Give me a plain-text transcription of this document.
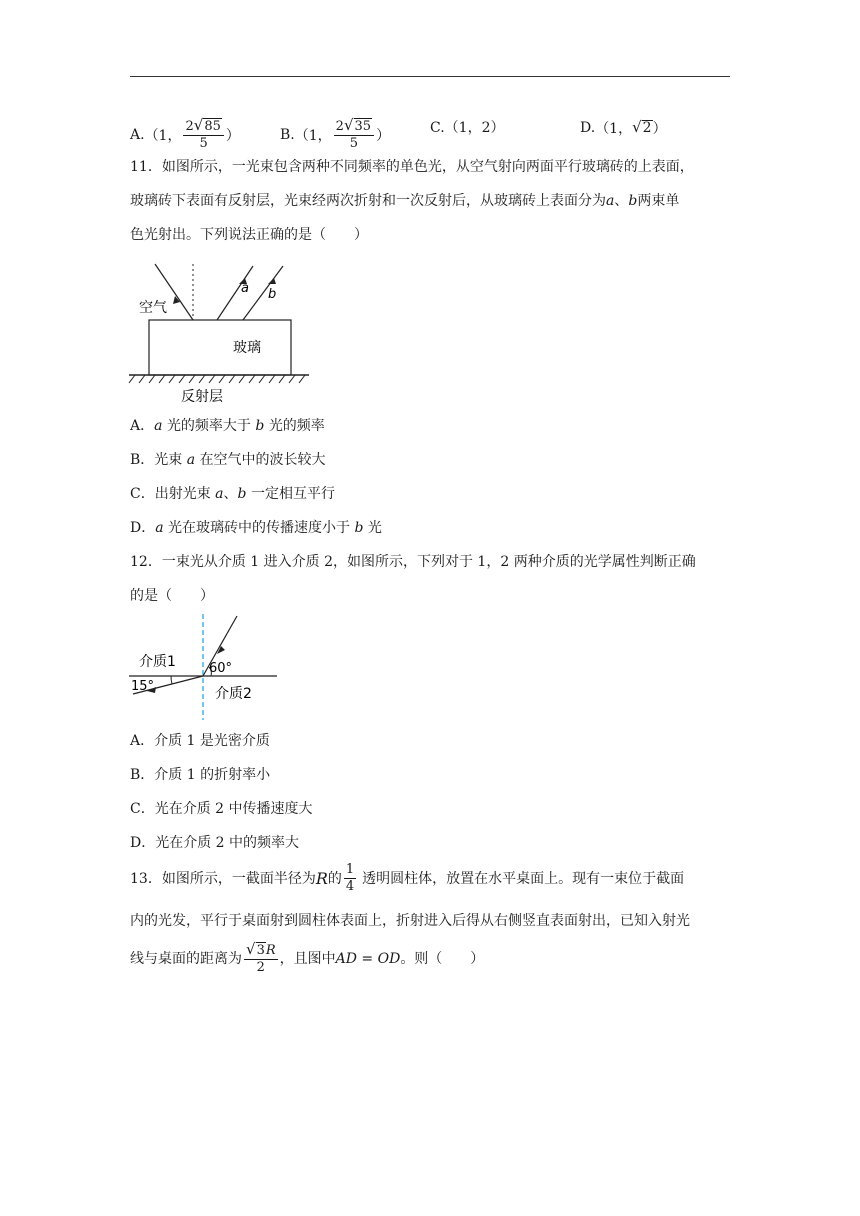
A. （1， $\frac{2 √ 85}{5}$ ）	B. （1， $\frac{2 √ 35}{5}$ ）	C. （1，2）	D. （1， √ 2 ）
11．如图所示，一光束包含两种不同频率的单色光，从空气射向两面平行玻璃砖的上表面，
玻璃砖下表面有反射层，光束经两次折射和一次反射后，从玻璃砖上表面分为a、b两束单
色光射出。下列说法正确的是（　　）
a b
空气
玻璃
反射层
A．a 光的频率大于 b 光的频率
B．光束 a 在空气中的波长较大
C．出射光束 a、b 一定相互平行
D．a 光在玻璃砖中的传播速度小于 b 光
12．一束光从介质 1 进入介质 2，如图所示，下列对于 1，2 两种介质的光学属性判断正确
的是（　　）
介质1
介质2
60°
15°
A．介质 1 是光密介质
B．介质 1 的折射率小
C．光在介质 2 中传播速度大
D．光在介质 2 中的频率大
13．如图所示，一截面半径为 R 的 $\frac{1}{4}$ 透明圆柱体，放置在水平桌面上。现有一束位于截面
内的光发，平行于桌面射到圆柱体表面上，折射进入后得从右侧竖直表面射出，已知入射光
线与桌面的距离为 $\frac{√ 3 R}{2}$ ，且图中 AD = OD 。则（　　）
